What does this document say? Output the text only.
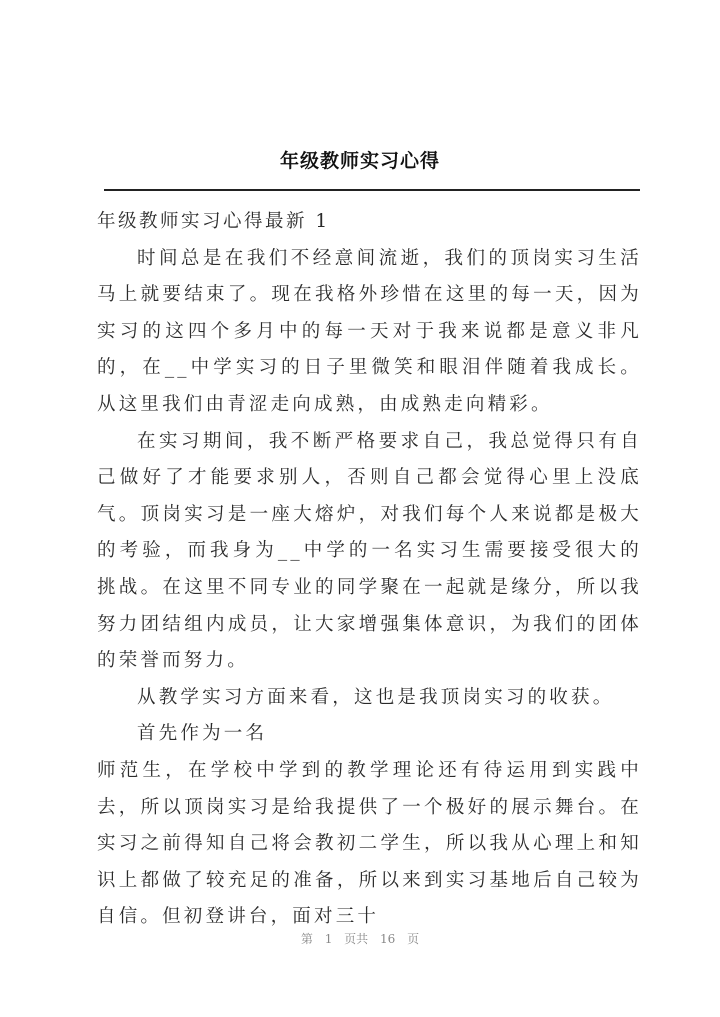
年级教师实习心得

年级教师实习心得最新 1

时间总是在我们不经意间流逝，我们的顶岗实习生活马上就要结束了。现在我格外珍惜在这里的每一天，因为实习的这四个多月中的每一天对于我来说都是意义非凡的，在__中学实习的日子里微笑和眼泪伴随着我成长。从这里我们由青涩走向成熟，由成熟走向精彩。

在实习期间，我不断严格要求自己，我总觉得只有自己做好了才能要求别人，否则自己都会觉得心里上没底气。顶岗实习是一座大熔炉，对我们每个人来说都是极大的考验，而我身为__中学的一名实习生需要接受很大的挑战。在这里不同专业的同学聚在一起就是缘分，所以我努力团结组内成员，让大家增强集体意识，为我们的团体的荣誉而努力。

从教学实习方面来看，这也是我顶岗实习的收获。

首先作为一名

师范生，在学校中学到的教学理论还有待运用到实践中去，所以顶岗实习是给我提供了一个极好的展示舞台。在实习之前得知自己将会教初二学生，所以我从心理上和知识上都做了较充足的准备，所以来到实习基地后自己较为自信。但初登讲台，面对三十

第 1 页共 16 页
